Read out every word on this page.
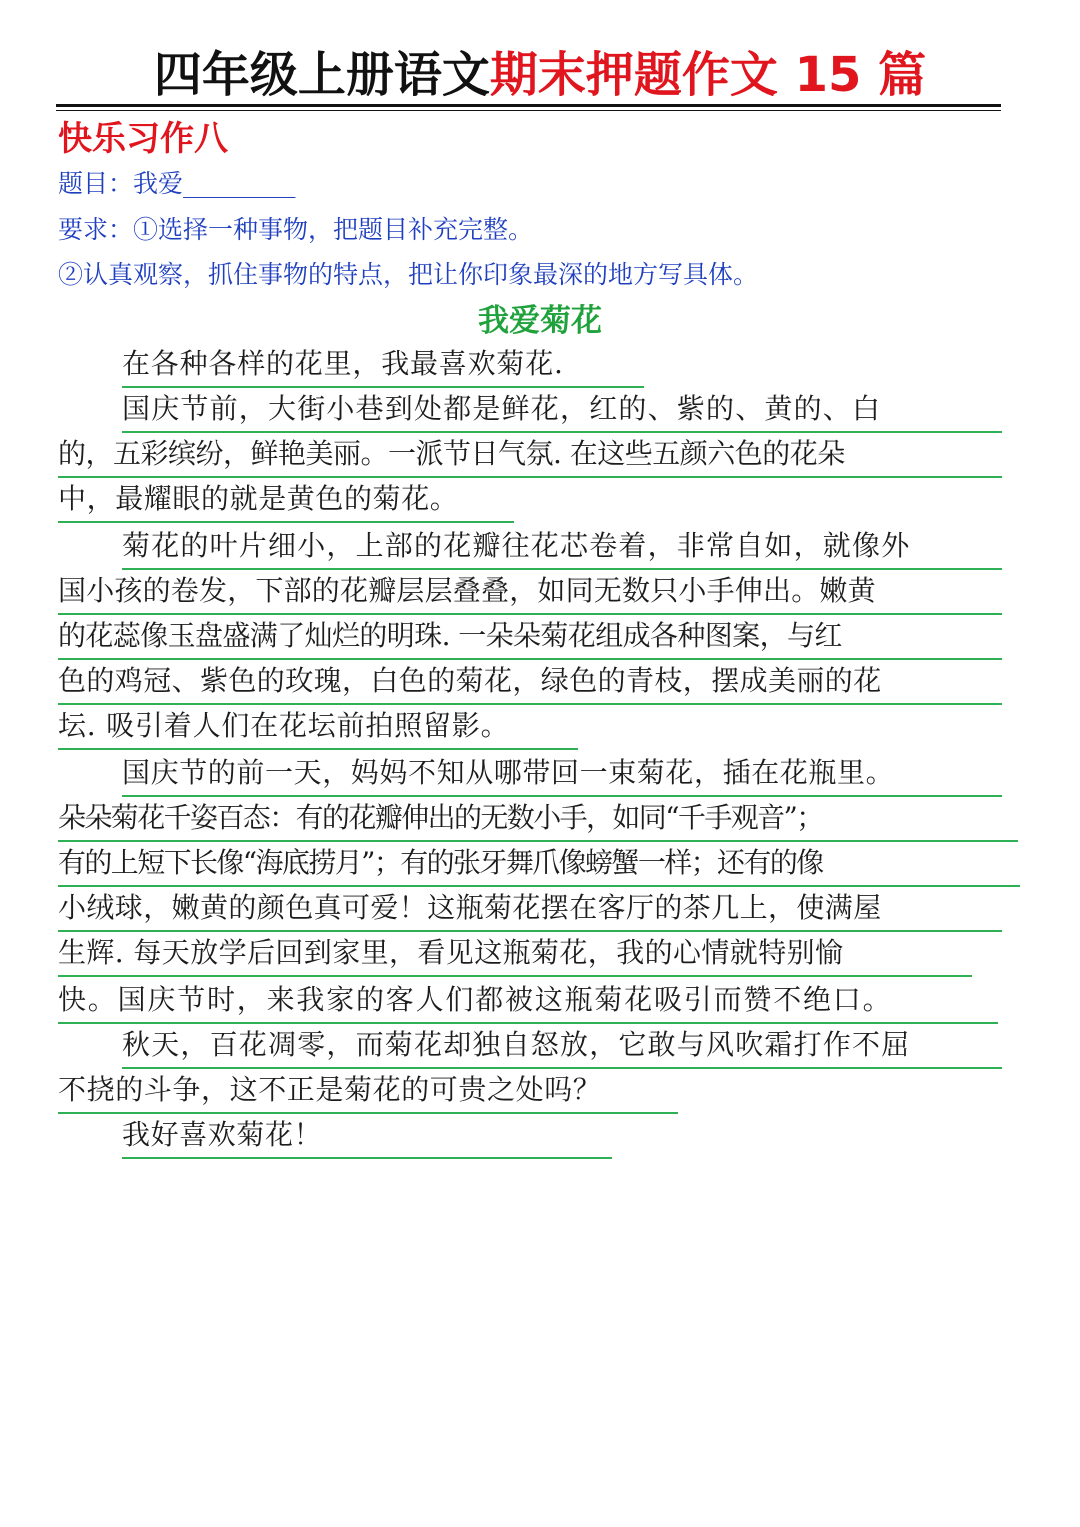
四年级上册语文期末押题作文 15 篇
快乐习作八
题目：我爱_________
要求：①选择一种事物，把题目补充完整。
②认真观察，抓住事物的特点，把让你印象最深的地方写具体。
我爱菊花
在各种各样的花里，我最喜欢菊花.
国庆节前，大街小巷到处都是鲜花，红的、紫的、黄的、白
的，五彩缤纷，鲜艳美丽。一派节日气氛. 在这些五颜六色的花朵
中，最耀眼的就是黄色的菊花。
菊花的叶片细小，上部的花瓣往花芯卷着，非常自如，就像外
国小孩的卷发，下部的花瓣层层叠叠，如同无数只小手伸出。嫩黄
的花蕊像玉盘盛满了灿烂的明珠. 一朵朵菊花组成各种图案，与红
色的鸡冠、紫色的玫瑰，白色的菊花，绿色的青枝，摆成美丽的花
坛. 吸引着人们在花坛前拍照留影。
国庆节的前一天，妈妈不知从哪带回一束菊花，插在花瓶里。
朵朵菊花千姿百态：有的花瓣伸出的无数小手，如同“千手观音”；
有的上短下长像“海底捞月”；有的张牙舞爪像螃蟹一样；还有的像
小绒球，嫩黄的颜色真可爱！这瓶菊花摆在客厅的茶几上，使满屋
生辉. 每天放学后回到家里，看见这瓶菊花，我的心情就特别愉
快。国庆节时，来我家的客人们都被这瓶菊花吸引而赞不绝口。
秋天，百花凋零，而菊花却独自怒放，它敢与风吹霜打作不屈
不挠的斗争，这不正是菊花的可贵之处吗？
我好喜欢菊花！
